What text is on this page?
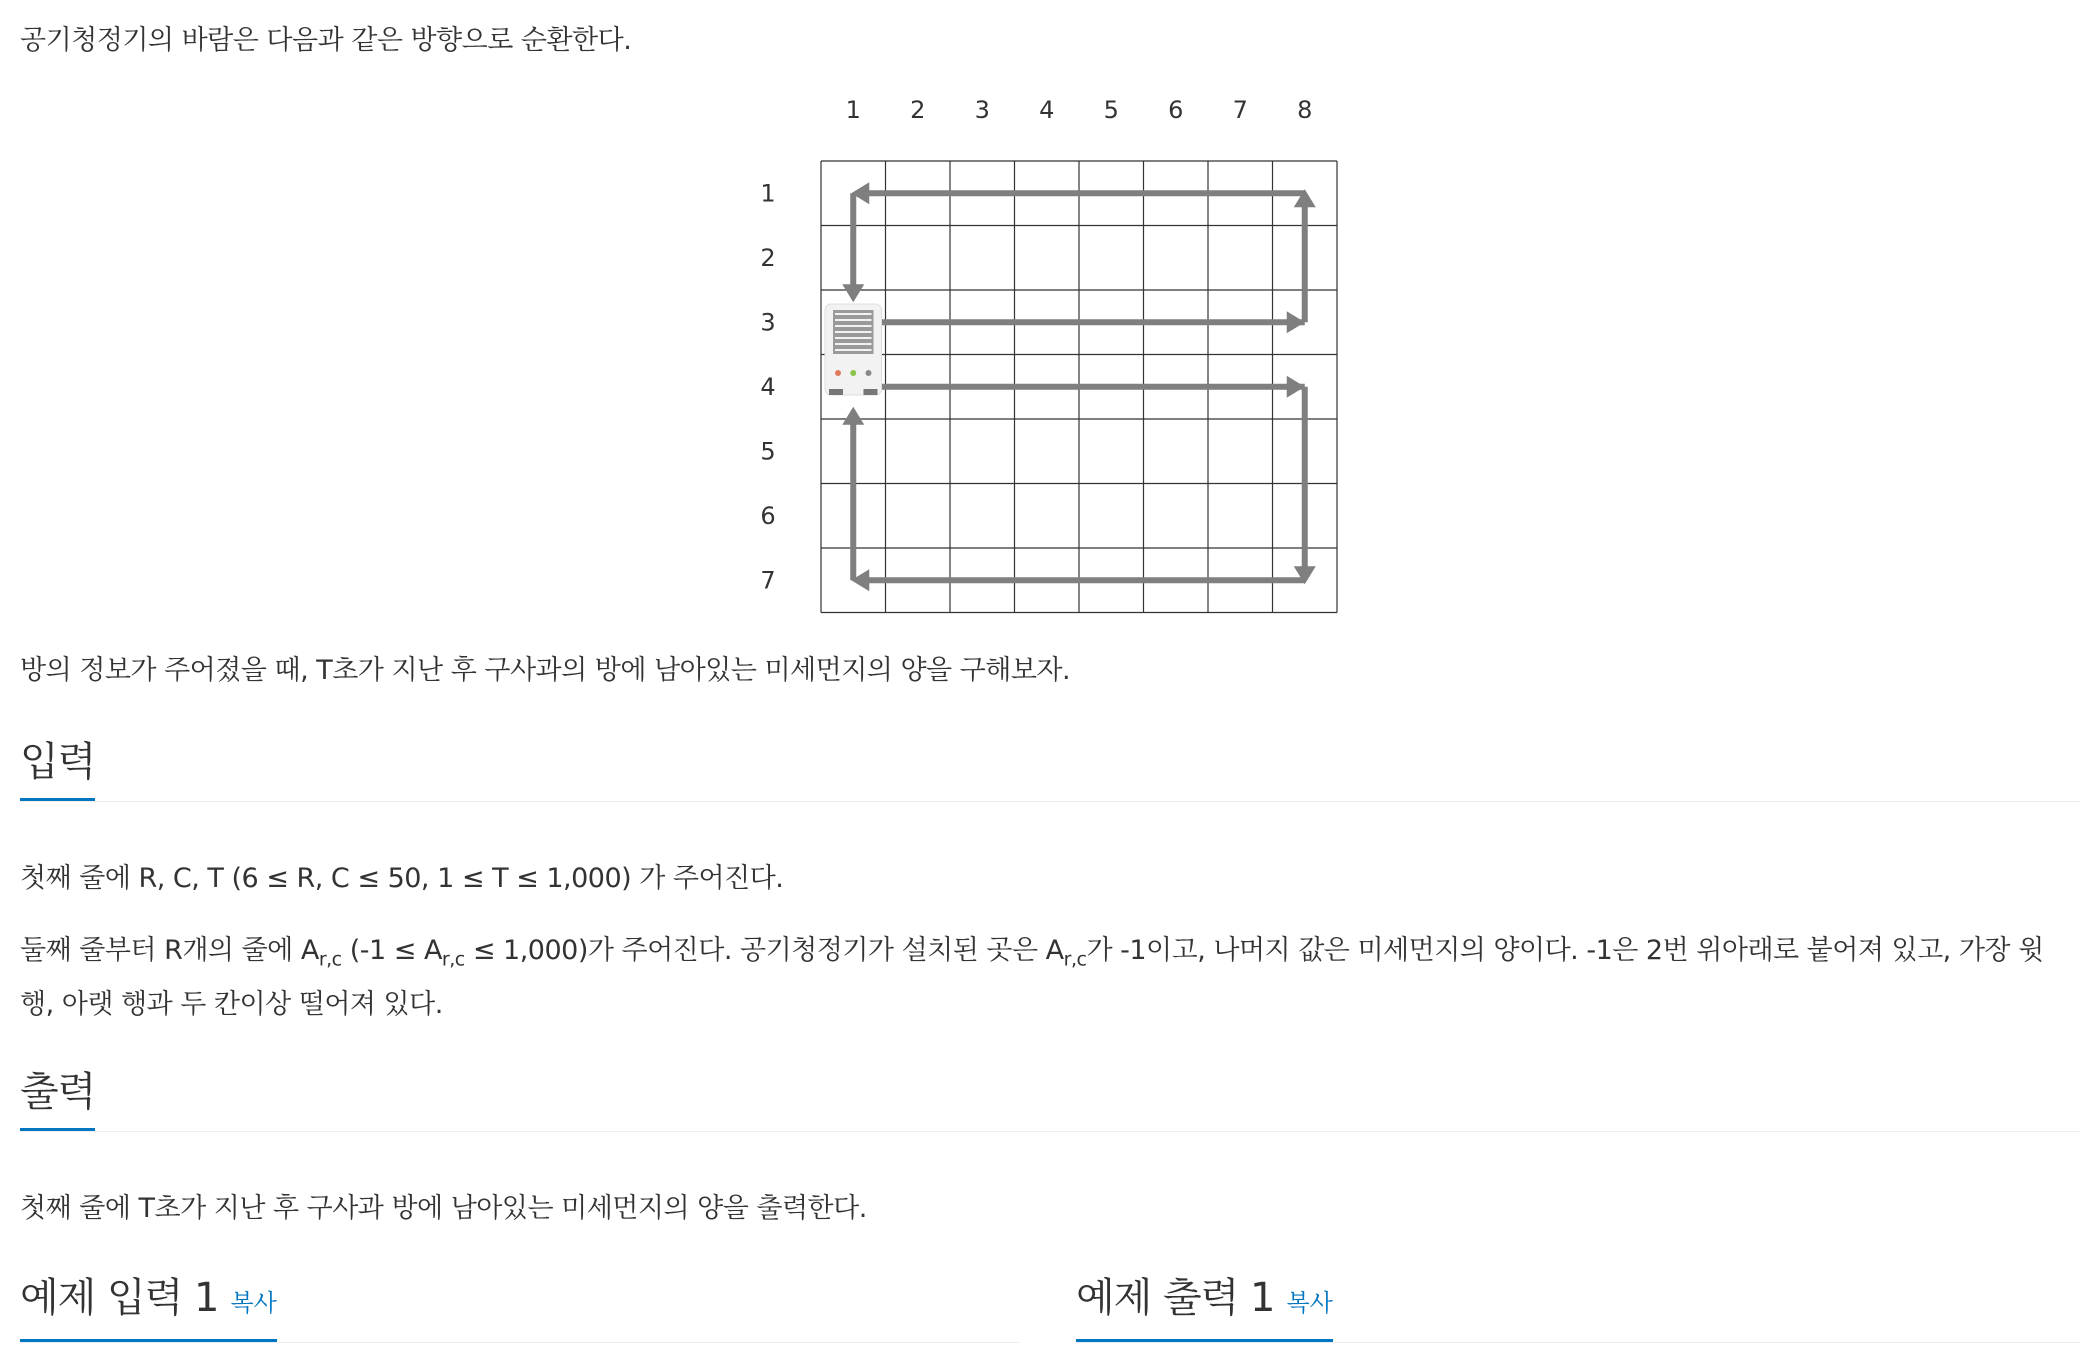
공기청정기의 바람은 다음과 같은 방향으로 순환한다.

1 2 3 4 5 6 7 8
1
2
3
4
5
6
7

방의 정보가 주어졌을 때, T초가 지난 후 구사과의 방에 남아있는 미세먼지의 양을 구해보자.

입력

첫째 줄에 R, C, T (6 ≤ R, C ≤ 50, 1 ≤ T ≤ 1,000) 가 주어진다.

둘째 줄부터 R개의 줄에 $A_{r,c}$ $(-1 \le A_{r,c} \le 1,000)$가 주어진다. 공기청정기가 설치된 곳은 $A_{r,c}$가 -1이고, 나머지 값은 미세먼지의 양이다. -1은 2번 위아래로 붙어져 있고, 가장 윗 행, 아랫 행과 두 칸이상 떨어져 있다.

출력

첫째 줄에 T초가 지난 후 구사과 방에 남아있는 미세먼지의 양을 출력한다.

예제 입력 1 복사	예제 출력 1 복사
